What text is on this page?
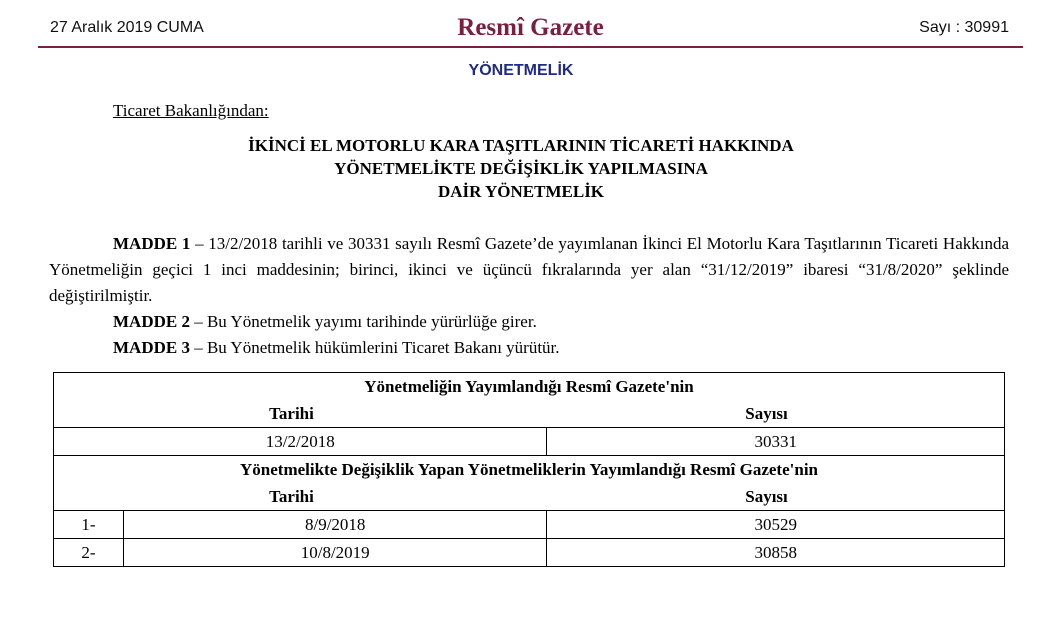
27 Aralık 2019 CUMA	Resmî Gazete	Sayı : 30991
YÖNETMELİK
Ticaret Bakanlığından:
İKİNCİ EL MOTORLU KARA TAŞITLARININ TİCARETİ HAKKINDA
YÖNETMELİKTE DEĞİŞİKLİK YAPILMASINA
DAİR YÖNETMELİK

MADDE 1 – 13/2/2018 tarihli ve 30331 sayılı Resmî Gazete’de yayımlanan İkinci El Motorlu Kara Taşıtlarının Ticareti Hakkında Yönetmeliğin geçici 1 inci maddesinin; birinci, ikinci ve üçüncü fıkralarında yer alan “31/12/2019” ibaresi “31/8/2020” şeklinde değiştirilmiştir.

MADDE 2 – Bu Yönetmelik yayımı tarihinde yürürlüğe girer.

MADDE 3 – Bu Yönetmelik hükümlerini Ticaret Bakanı yürütür.

Yönetmeliğin Yayımlandığı Resmî Gazete'nin
Tarihi Sayısı		

13/2/2018		30331

Yönetmelikte Değişiklik Yapan Yönetmeliklerin Yayımlandığı Resmî Gazete'nin
Tarihi Sayısı		

1-	8/9/2018	30529
2-	10/8/2019	30858
